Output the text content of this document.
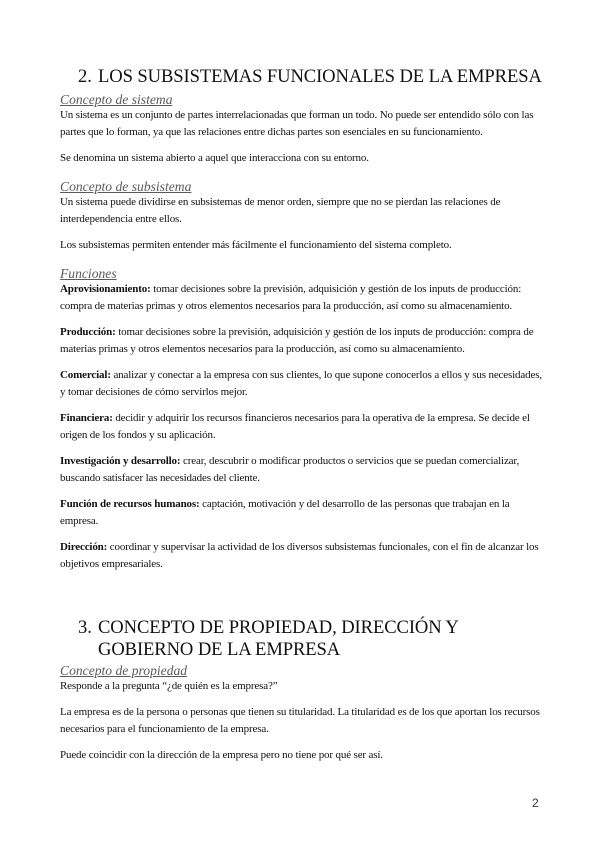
2. LOS SUBSISTEMAS FUNCIONALES DE LA EMPRESA
Concepto de sistema

Un sistema es un conjunto de partes interrelacionadas que forman un todo. No puede ser entendido sólo con las partes que lo forman, ya que las relaciones entre dichas partes son esenciales en su funcionamiento.

Se denomina un sistema abierto a aquel que interacciona con su entorno.

Concepto de subsistema

Un sistema puede dividirse en subsistemas de menor orden, siempre que no se pierdan las relaciones de interdependencia entre ellos.

Los subsistemas permiten entender más fácilmente el funcionamiento del sistema completo.

Funciones

Aprovisionamiento: tomar decisiones sobre la previsión, adquisición y gestión de los inputs de producción: compra de materias primas y otros elementos necesarios para la producción, así como su almacenamiento.

Producción: tomar decisiones sobre la previsión, adquisición y gestión de los inputs de producción: compra de materias primas y otros elementos necesarios para la producción, así como su almacenamiento.

Comercial: analizar y conectar a la empresa con sus clientes, lo que supone conocerlos a ellos y sus necesidades, y tomar decisiones de cómo servirlos mejor.

Financiera: decidir y adquirir los recursos financieros necesarios para la operativa de la empresa. Se decide el origen de los fondos y su aplicación.

Investigación y desarrollo: crear, descubrir o modificar productos o servicios que se puedan comercializar, buscando satisfacer las necesidades del cliente.

Función de recursos humanos: captación, motivación y del desarrollo de las personas que trabajan en la empresa.

Dirección: coordinar y supervisar la actividad de los diversos subsistemas funcionales, con el fin de alcanzar los objetivos empresariales.

3. CONCEPTO DE PROPIEDAD, DIRECCIÓN Y GOBIERNO DE LA EMPRESA
Concepto de propiedad

Responde a la pregunta “¿de quién es la empresa?”

La empresa es de la persona o personas que tienen su titularidad. La titularidad es de los que aportan los recursos necesarios para el funcionamiento de la empresa.

Puede coincidir con la dirección de la empresa pero no tiene por qué ser así.

2
